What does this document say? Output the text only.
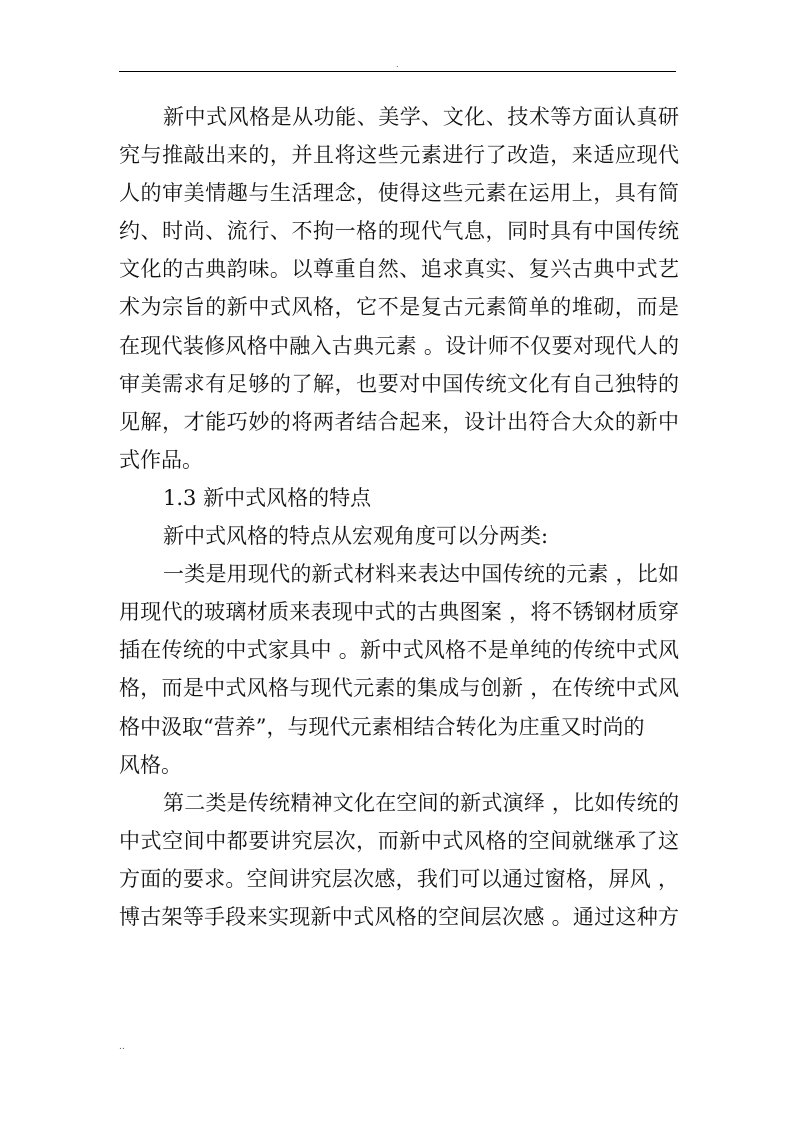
.
新中式风格是从功能、美学、文化、技术等方面认真研
究与推敲出来的，并且将这些元素进行了改造，来适应现代
人的审美情趣与生活理念，使得这些元素在运用上，具有简
约、时尚、流行、不拘一格的现代气息，同时具有中国传统
文化的古典韵味。以尊重自然、追求真实、复兴古典中式艺
术为宗旨的新中式风格，它不是复古元素简单的堆砌，而是
在现代装修风格中融入古典元素 。设计师不仅要对现代人的
审美需求有足够的了解，也要对中国传统文化有自己独特的
见解，才能巧妙的将两者结合起来，设计出符合大众的新中
式作品。
1.3 新中式风格的特点
新中式风格的特点从宏观角度可以分两类:
一类是用现代的新式材料来表达中国传统的元素 ，比如
用现代的玻璃材质来表现中式的古典图案 ，将不锈钢材质穿
插在传统的中式家具中 。新中式风格不是单纯的传统中式风
格，而是中式风格与现代元素的集成与创新 ，在传统中式风
格中汲取“营养”，与现代元素相结合转化为庄重又时尚的
风格。
第二类是传统精神文化在空间的新式演绎 ，比如传统的
中式空间中都要讲究层次，而新中式风格的空间就继承了这
方面的要求。空间讲究层次感，我们可以通过窗格，屏风 ，
博古架等手段来实现新中式风格的空间层次感 。通过这种方
..
